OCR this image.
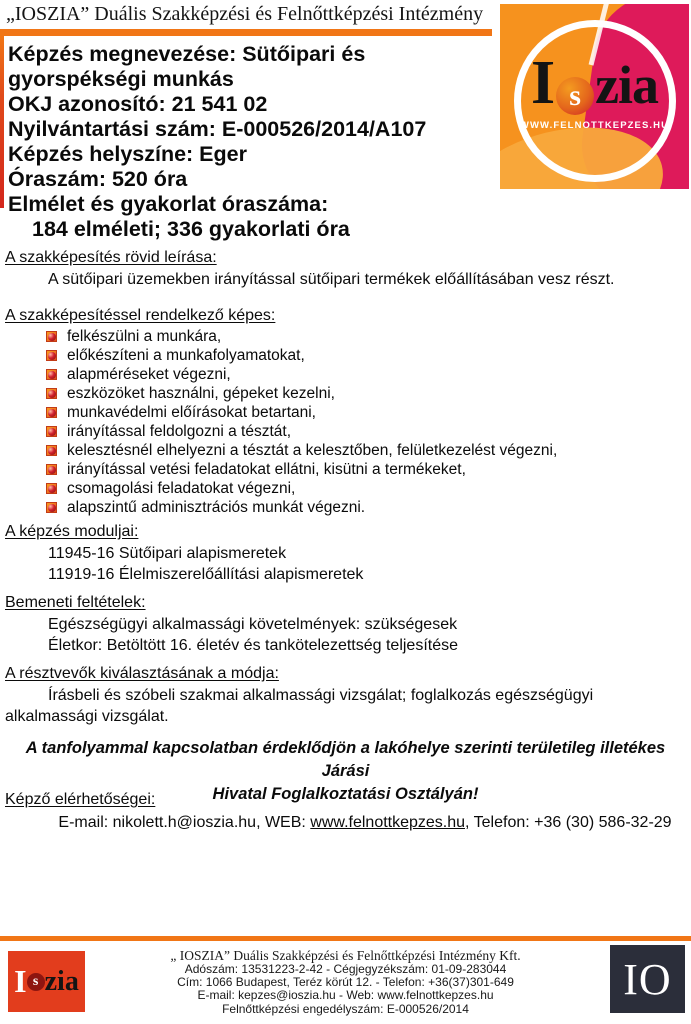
„IOSZIA” Duális Szakképzési és Felnőttképzési Intézmény
I s zia
WWW.FELNOTTKEPZES.HU
Képzés megnevezése: Sütőipari és
gyorspékségi munkás
OKJ azonosító: 21 541 02
Nyilvántartási szám: E-000526/2014/A107
Képzés helyszíne: Eger
Óraszám: 520 óra
Elmélet és gyakorlat óraszáma:
184 elméleti; 336 gyakorlati óra
A szakképesítés rövid leírása:
A sütőipari üzemekben irányítással sütőipari termékek előállításában vesz részt.
A szakképesítéssel rendelkező képes:
felkészülni a munkára,
előkészíteni a munkafolyamatokat,
alapméréseket végezni,
eszközöket használni, gépeket kezelni,
munkavédelmi előírásokat betartani,
irányítással feldolgozni a tésztát,
kelesztésnél elhelyezni a tésztát a kelesztőben, felületkezelést végezni,
irányítással vetési feladatokat ellátni, kisütni a termékeket,
csomagolási feladatokat végezni,
alapszintű adminisztrációs munkát végezni.
A képzés moduljai:
11945-16 Sütőipari alapismeretek
11919-16 Élelmiszerelőállítási alapismeretek
Bemeneti feltételek:
Egészségügyi alkalmassági követelmények: szükségesek
Életkor: Betöltött 16. életév és tankötelezettség teljesítése
A résztvevők kiválasztásának a módja:
Írásbeli és szóbeli szakmai alkalmassági vizsgálat; foglalkozás egészségügyi
alkalmassági vizsgálat.
A tanfolyammal kapcsolatban érdeklődjön a lakóhelye szerinti területileg illetékes Járási
Hivatal Foglalkoztatási Osztályán!
Képző elérhetőségei:
E-mail: nikolett.h@ioszia.hu, WEB: www.felnottkepzes.hu, Telefon: +36 (30) 586-32-29
I s zia
„ IOSZIA” Duális Szakképzési és Felnőttképzési Intézmény Kft.
Adószám: 13531223-2-42 - Cégjegyzékszám: 01-09-283044
Cím: 1066 Budapest, Teréz körút 12. - Telefon: +36(37)301-649
E-mail: kepzes@ioszia.hu - Web: www.felnottkepzes.hu
Felnőttképzési engedélyszám: E-000526/2014
IO
